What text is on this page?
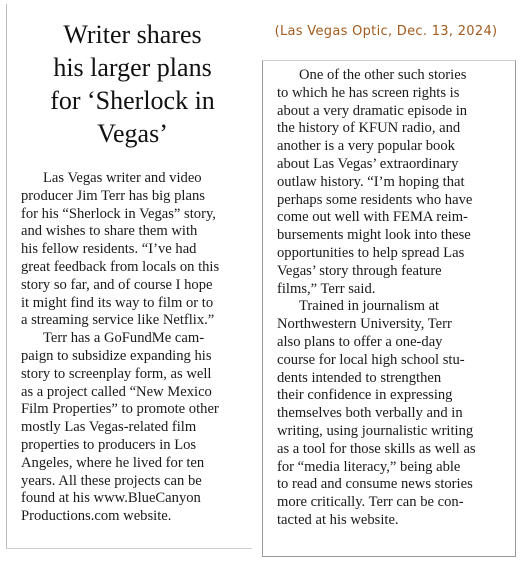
Writer shares
his larger plans
for ‘Sherlock in
Vegas’

Las Vegas writer and video
producer Jim Terr has big plans
for his “Sherlock in Vegas” story,
and wishes to share them with
his fellow residents. “I’ve had
great feedback from locals on this
story so far, and of course I hope
it might find its way to film or to
a streaming service like Netflix.”
Terr has a GoFundMe cam-
paign to subsidize expanding his
story to screenplay form, as well
as a project called “New Mexico
Film Properties” to promote other
mostly Las Vegas-related film
properties to producers in Los
Angeles, where he lived for ten
years. All these projects can be
found at his www.BlueCanyon
Productions.com website.

(Las Vegas Optic, Dec. 13, 2024)

One of the other such stories
to which he has screen rights is
about a very dramatic episode in
the history of KFUN radio, and
another is a very popular book
about Las Vegas’ extraordinary
outlaw history. “I’m hoping that
perhaps some residents who have
come out well with FEMA reim-
bursements might look into these
opportunities to help spread Las
Vegas’ story through feature
films,” Terr said.
Trained in journalism at
Northwestern University, Terr
also plans to offer a one-day
course for local high school stu-
dents intended to strengthen
their confidence in expressing
themselves both verbally and in
writing, using journalistic writing
as a tool for those skills as well as
for “media literacy,” being able
to read and consume news stories
more critically. Terr can be con-
tacted at his website.
